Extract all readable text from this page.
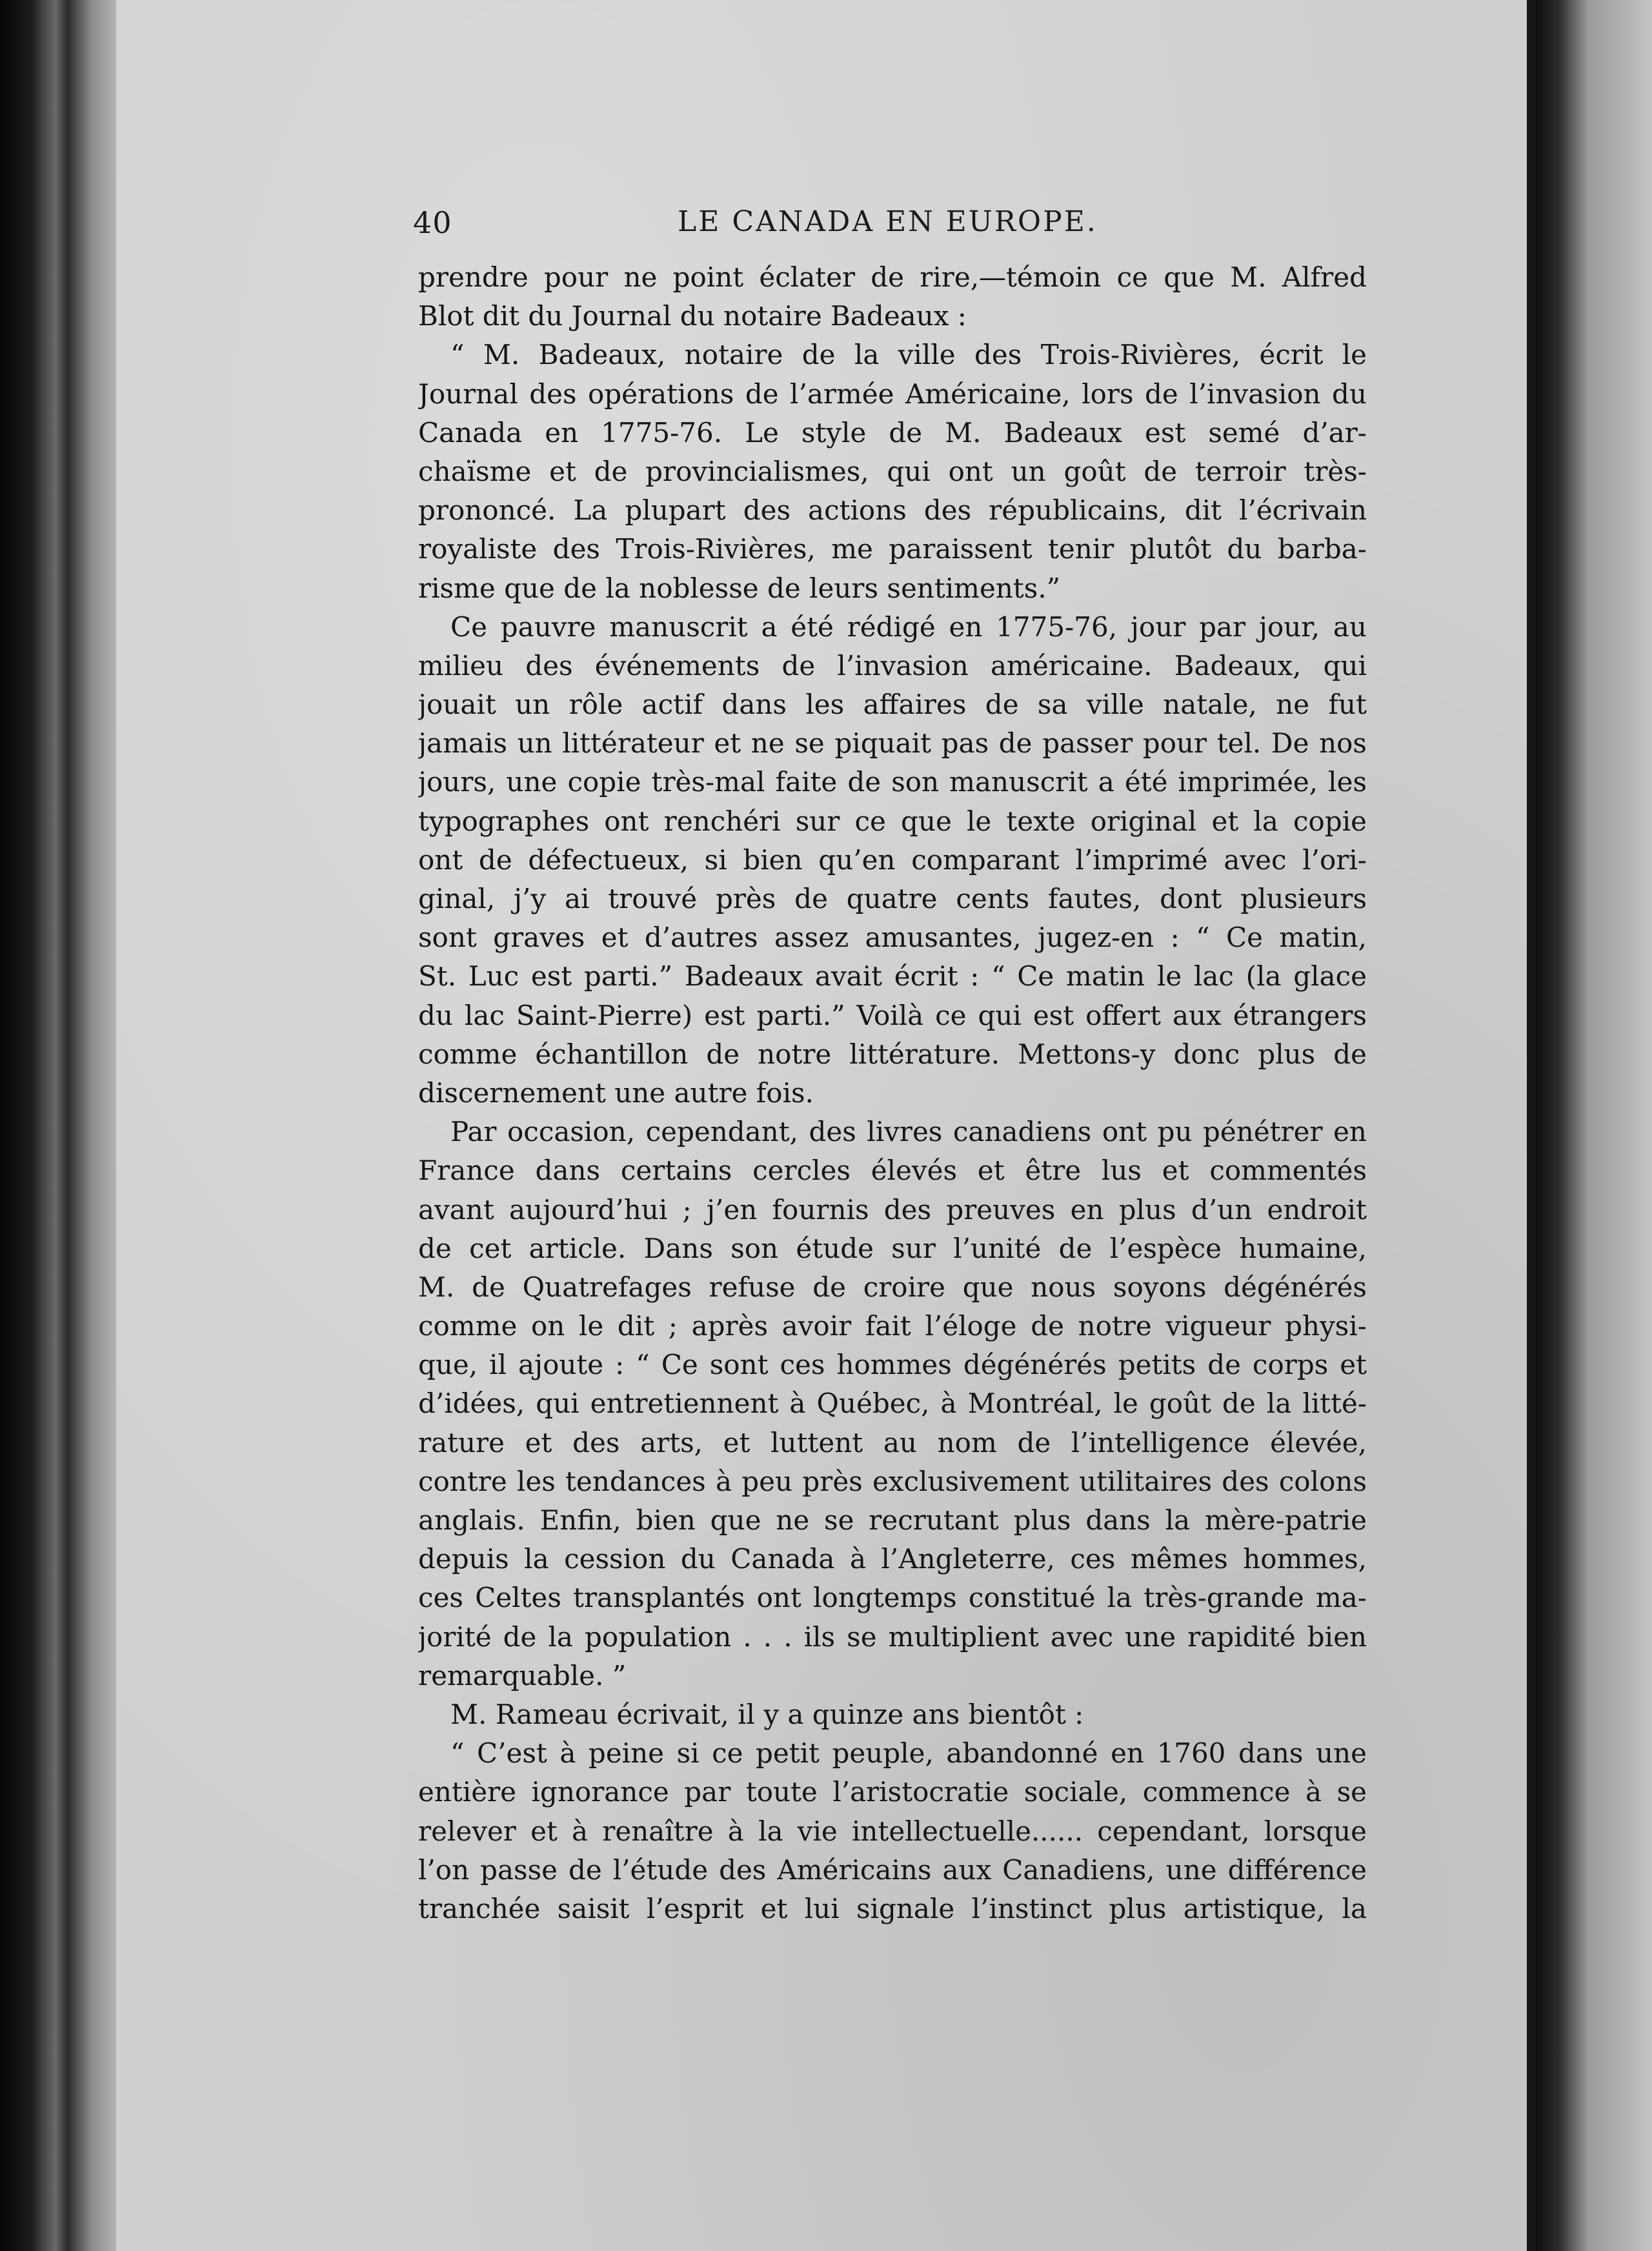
40	LE CANADA EN EUROPE.
prendre pour ne point éclater de rire,—témoin ce que M. Alfred
Blot dit du Journal du notaire Badeaux :
“ M. Badeaux, notaire de la ville des Trois-Rivières, écrit le
Journal des opérations de l’armée Américaine, lors de l’invasion du
Canada en 1775-76. Le style de M. Badeaux est semé d’ar-
chaïsme et de provincialismes, qui ont un goût de terroir très-
prononcé. La plupart des actions des républicains, dit l’écrivain
royaliste des Trois-Rivières, me paraissent tenir plutôt du barba-
risme que de la noblesse de leurs sentiments.”
Ce pauvre manuscrit a été rédigé en 1775-76, jour par jour, au
milieu des événements de l’invasion américaine. Badeaux, qui
jouait un rôle actif dans les affaires de sa ville natale, ne fut
jamais un littérateur et ne se piquait pas de passer pour tel. De nos
jours, une copie très-mal faite de son manuscrit a été imprimée, les
typographes ont renchéri sur ce que le texte original et la copie
ont de défectueux, si bien qu’en comparant l’imprimé avec l’ori-
ginal, j’y ai trouvé près de quatre cents fautes, dont plusieurs
sont graves et d’autres assez amusantes, jugez-en : “ Ce matin,
St. Luc est parti.” Badeaux avait écrit : “ Ce matin le lac (la glace
du lac Saint-Pierre) est parti.” Voilà ce qui est offert aux étrangers
comme échantillon de notre littérature. Mettons-y donc plus de
discernement une autre fois.
Par occasion, cependant, des livres canadiens ont pu pénétrer en
France dans certains cercles élevés et être lus et commentés
avant aujourd’hui ; j’en fournis des preuves en plus d’un endroit
de cet article. Dans son étude sur l’unité de l’espèce humaine,
M. de Quatrefages refuse de croire que nous soyons dégénérés
comme on le dit ; après avoir fait l’éloge de notre vigueur physi-
que, il ajoute : “ Ce sont ces hommes dégénérés petits de corps et
d’idées, qui entretiennent à Québec, à Montréal, le goût de la litté-
rature et des arts, et luttent au nom de l’intelligence élevée,
contre les tendances à peu près exclusivement utilitaires des colons
anglais. Enfin, bien que ne se recrutant plus dans la mère-patrie
depuis la cession du Canada à l’Angleterre, ces mêmes hommes,
ces Celtes transplantés ont longtemps constitué la très-grande ma-
jorité de la population . . . ils se multiplient avec une rapidité bien
remarquable. ”
M. Rameau écrivait, il y a quinze ans bientôt :
“ C’est à peine si ce petit peuple, abandonné en 1760 dans une
entière ignorance par toute l’aristocratie sociale, commence à se
relever et à renaître à la vie intellectuelle...... cependant, lorsque
l’on passe de l’étude des Américains aux Canadiens, une différence
tranchée saisit l’esprit et lui signale l’instinct plus artistique, la
